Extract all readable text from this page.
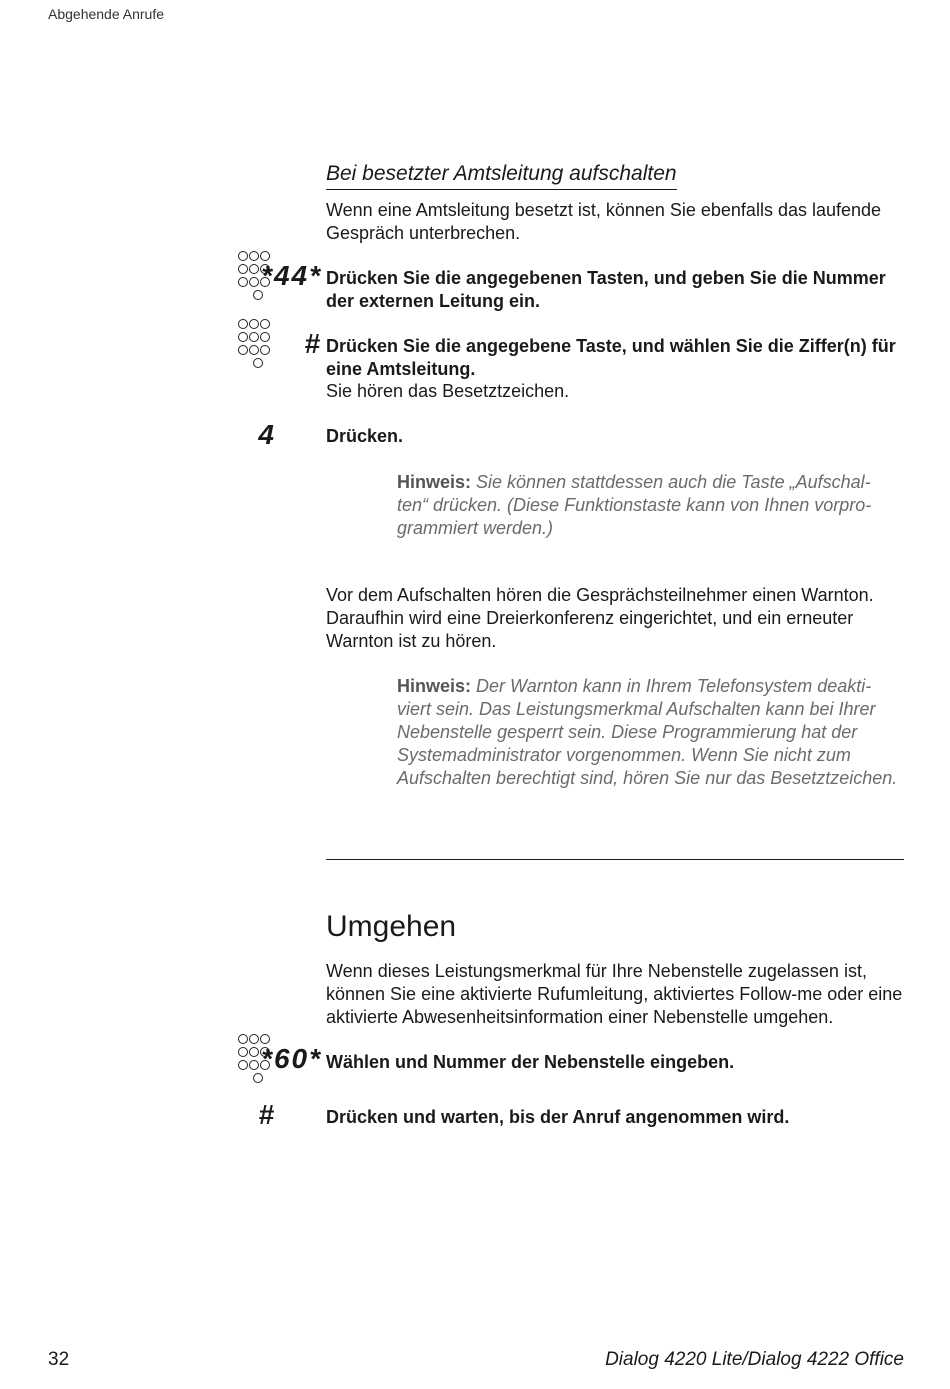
Abgehende Anrufe
Bei besetzter Amtsleitung aufschalten
Wenn eine Amtsleitung besetzt ist, können Sie ebenfalls das laufende Gespräch unterbrechen.
*44* Drücken Sie die angegebenen Tasten, und geben Sie die Nummer der externen Leitung ein.
# Drücken Sie die angegebene Taste, und wählen Sie die Ziffer(n) für eine Amtsleitung.
Sie hören das Besetztzeichen.
4	Drücken.
Hinweis: Sie können stattdessen auch die Taste „Aufschal-
ten“ drücken. (Diese Funktionstaste kann von Ihnen vorpro-
grammiert werden.)
Vor dem Aufschalten hören die Gesprächsteilnehmer einen Warnton. Daraufhin wird eine Dreierkonferenz eingerichtet, und ein erneuter Warnton ist zu hören.
Hinweis: Der Warnton kann in Ihrem Telefonsystem deakti-
viert sein. Das Leistungsmerkmal Aufschalten kann bei Ihrer
Nebenstelle gesperrt sein. Diese Programmierung hat der
Systemadministrator vorgenommen. Wenn Sie nicht zum
Aufschalten berechtigt sind, hören Sie nur das Besetztzeichen.
Umgehen
Wenn dieses Leistungsmerkmal für Ihre Nebenstelle zugelassen ist, können Sie eine aktivierte Rufumleitung, aktiviertes Follow-me oder eine aktivierte Abwesenheitsinformation einer Nebenstelle umgehen.
*60* Wählen und Nummer der Nebenstelle eingeben.
#	Drücken und warten, bis der Anruf angenommen wird.
32	Dialog 4220 Lite/Dialog 4222 Office
